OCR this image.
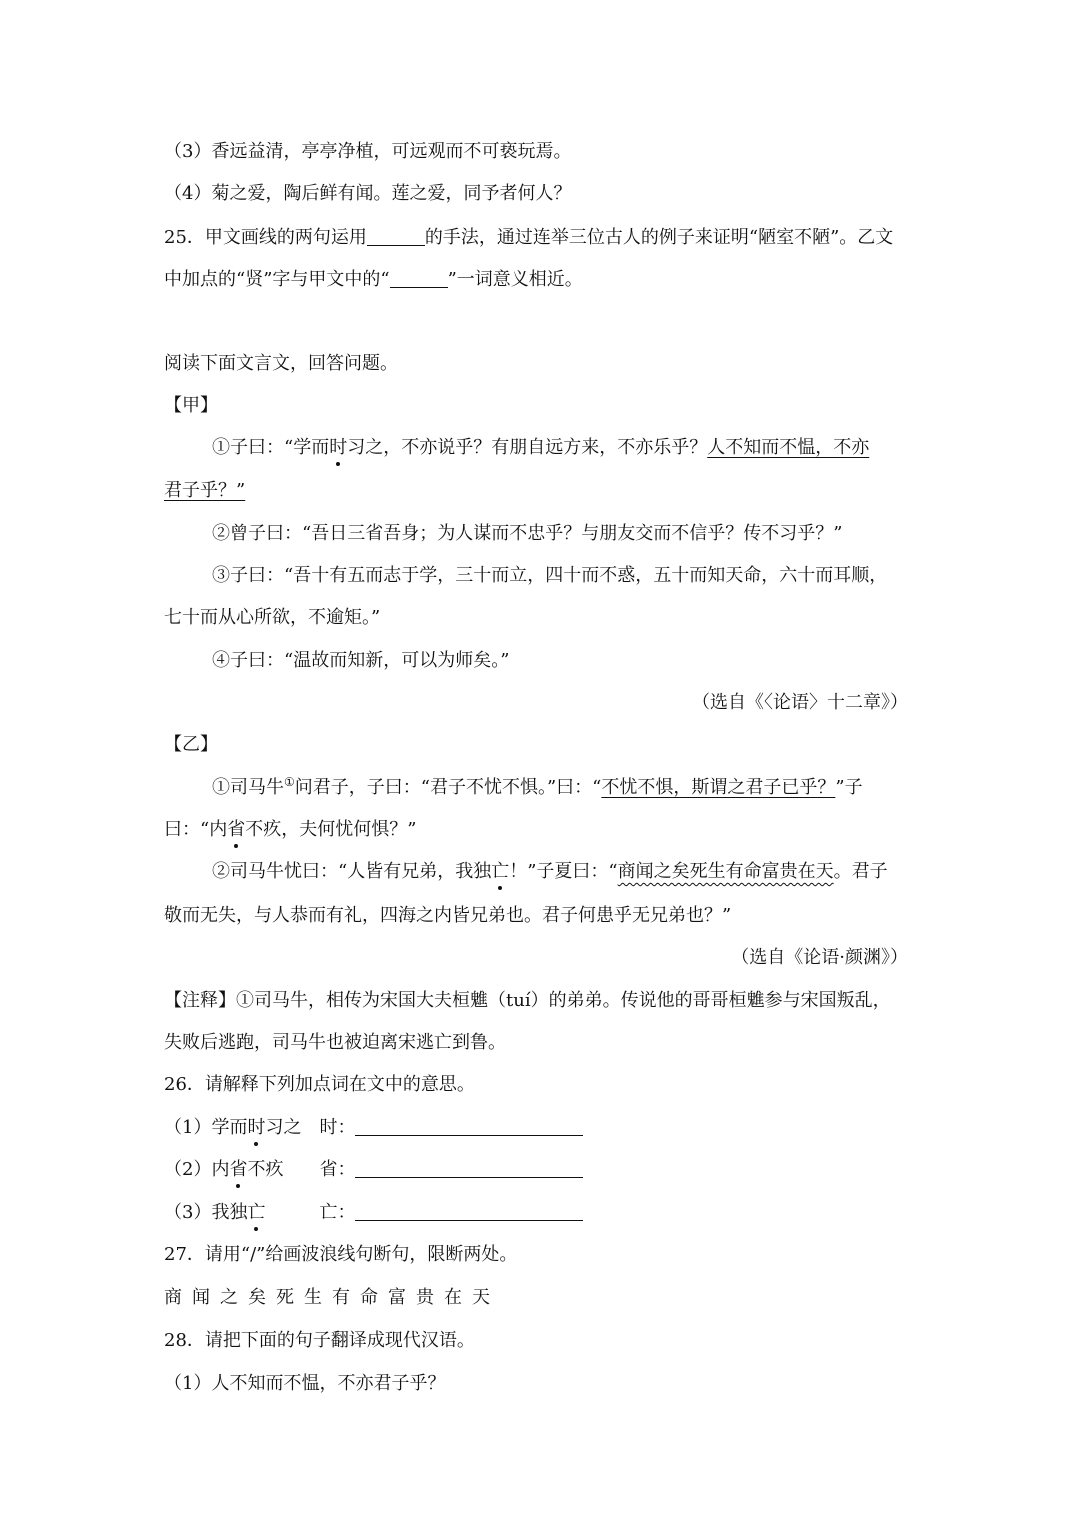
（3）香远益清，亭亭净植，可远观而不可亵玩焉。
（4）菊之爱，陶后鲜有闻。莲之爱，同予者何人？
25．甲文画线的两句运用	的手法，通过连举三位古人的例子来证明“陋室不陋”。乙文
中加点的“贤”字与甲文中的“	”一词意义相近。
阅读下面文言文，回答问题。
【甲】
①子曰：“学而时习之，不亦说乎？有朋自远方来，不亦乐乎？人不知而不愠，不亦
君子乎？”
②曾子曰：“吾日三省吾身；为人谋而不忠乎？与朋友交而不信乎？传不习乎？”
③子曰：“吾十有五而志于学，三十而立，四十而不惑，五十而知天命，六十而耳顺，
七十而从心所欲，不逾矩。”
④子曰：“温故而知新，可以为师矣。”
（选自《〈论语〉十二章》）
【乙】
①司马牛①问君子，子曰：“君子不忧不惧。”曰：“不忧不惧，斯谓之君子已乎？”子
曰：“内省不疚，夫何忧何惧？”
②司马牛忧曰：“人皆有兄弟，我独亡！”子夏曰：“商闻之矣死生有命富贵在天。君子
敬而无失，与人恭而有礼，四海之内皆兄弟也。君子何患乎无兄弟也？”
（选自《论语·颜渊》）
【注释】①司马牛，相传为宋国大夫桓魋（tuí）的弟弟。传说他的哥哥桓魋参与宋国叛乱，
失败后逃跑，司马牛也被迫离宋逃亡到鲁。
26．请解释下列加点词在文中的意思。
（1）学而时习之　时：
（2）内省不疚　　省：
（3）我独亡　　　亡：
27．请用“/”给画波浪线句断句，限断两处。
商闻之矣死生有命富贵在天
28．请把下面的句子翻译成现代汉语。
（1）人不知而不愠，不亦君子乎？
